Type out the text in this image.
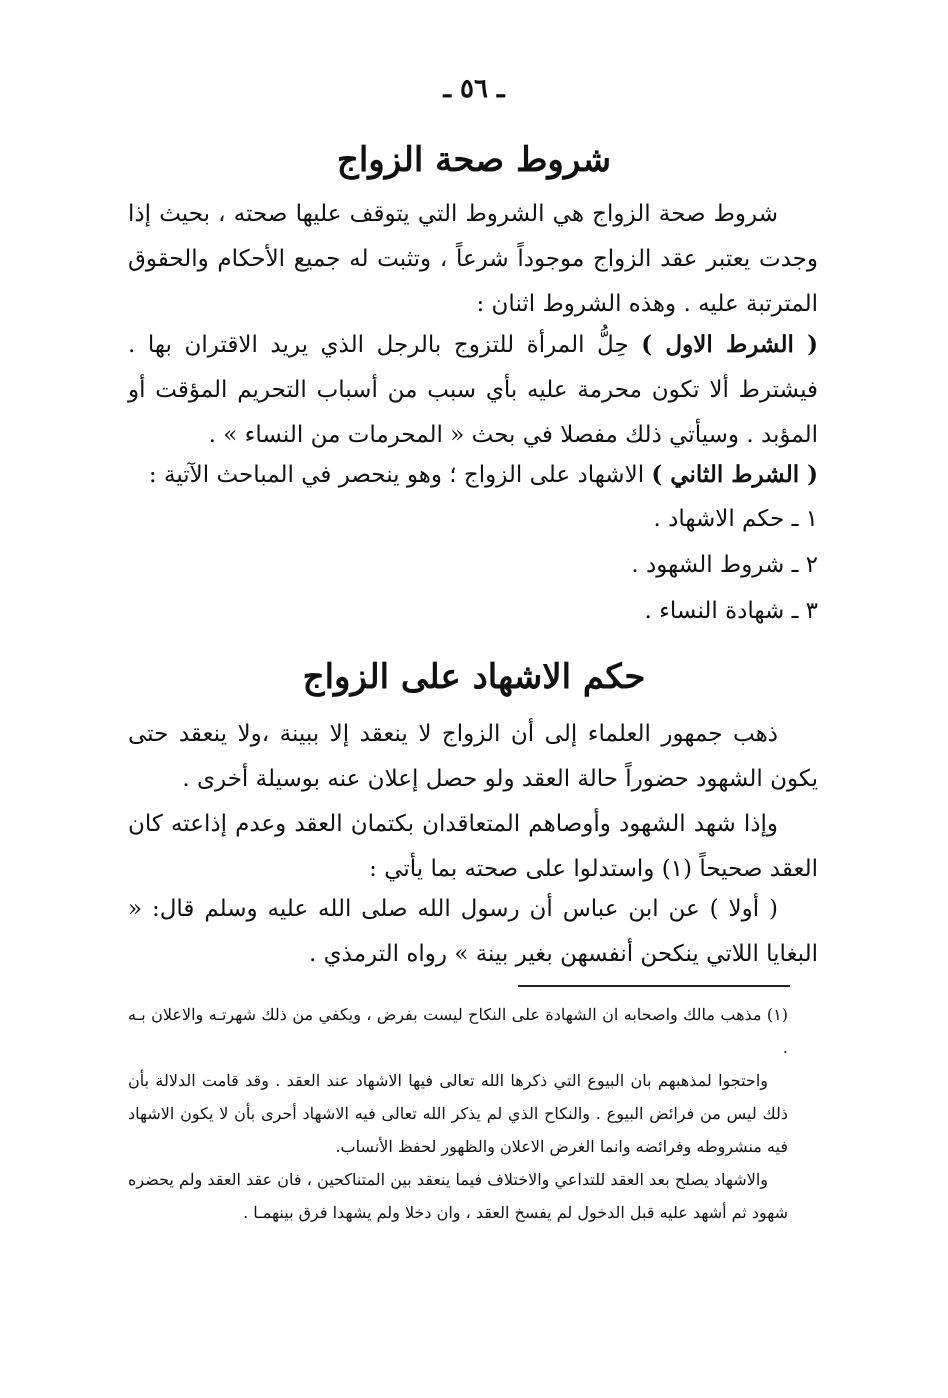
ـ ٥٦ ـ
شروط صحة الزواج

شروط صحة الزواج هي الشروط التي يتوقف عليها صحته ، بحيث إذا وجدت يعتبر عقد الزواج موجوداً شرعاً ، وتثبت له جميع الأحكام والحقوق المترتبة عليه . وهذه الشروط اثنان :

( الشرط الاول ) حِلُّ المرأة للتزوج بالرجل الذي يريد الاقتران بها . فيشترط ألا تكون محرمة عليه بأي سبب من أسباب التحريم المؤقت أو المؤبد . وسيأتي ذلك مفصلا في بحث « المحرمات من النساء » .

( الشرط الثاني ) الاشهاد على الزواج ؛ وهو ينحصر في المباحث الآتية :

١ ـ حكم الاشهاد .
٢ ـ شروط الشهود .
٣ ـ شهادة النساء .
حكم الاشهاد على الزواج

ذهب جمهور العلماء إلى أن الزواج لا ينعقد إلا ببينة ،ولا ينعقد حتى يكون الشهود حضوراً حالة العقد ولو حصل إعلان عنه بوسيلة أخرى .

وإذا شهد الشهود وأوصاهم المتعاقدان بكتمان العقد وعدم إذاعته كان العقد صحيحاً (١) واستدلوا على صحته بما يأتي :

( أولا ) عن ابن عباس أن رسول الله صلى الله عليه وسلم قال: « البغايا اللاتي ينكحن أنفسهن بغير بينة » رواه الترمذي .

(١) مذهب مالك واصحابه ان الشهادة على النكاح ليست بفرض ، ويكفي من ذلك شهرتـه والاعلان بـه .

واحتجوا لمذهبهم بان البيوع التي ذكرها الله تعالى فيها الاشهاد عند العقد . وقد قامت الدلالة بأن ذلك ليس من فرائض البيوع . والنكاح الذي لم يذكر الله تعالى فيه الاشهاد أحرى بأن لا يكون الاشهاد فيه منشروطه وفرائضه وانما الغرض الاعلان والظهور لحفظ الأنساب.

والاشهاد يصلح بعد العقد للتداعي والاختلاف فيما ينعقد بين المتناكحين ، فان عقد العقد ولم يحضره شهود ثم أشهد عليه قبل الدخول لم يفسخ العقد ، وان دخلا ولم يشهدا فرق بينهمـا .
